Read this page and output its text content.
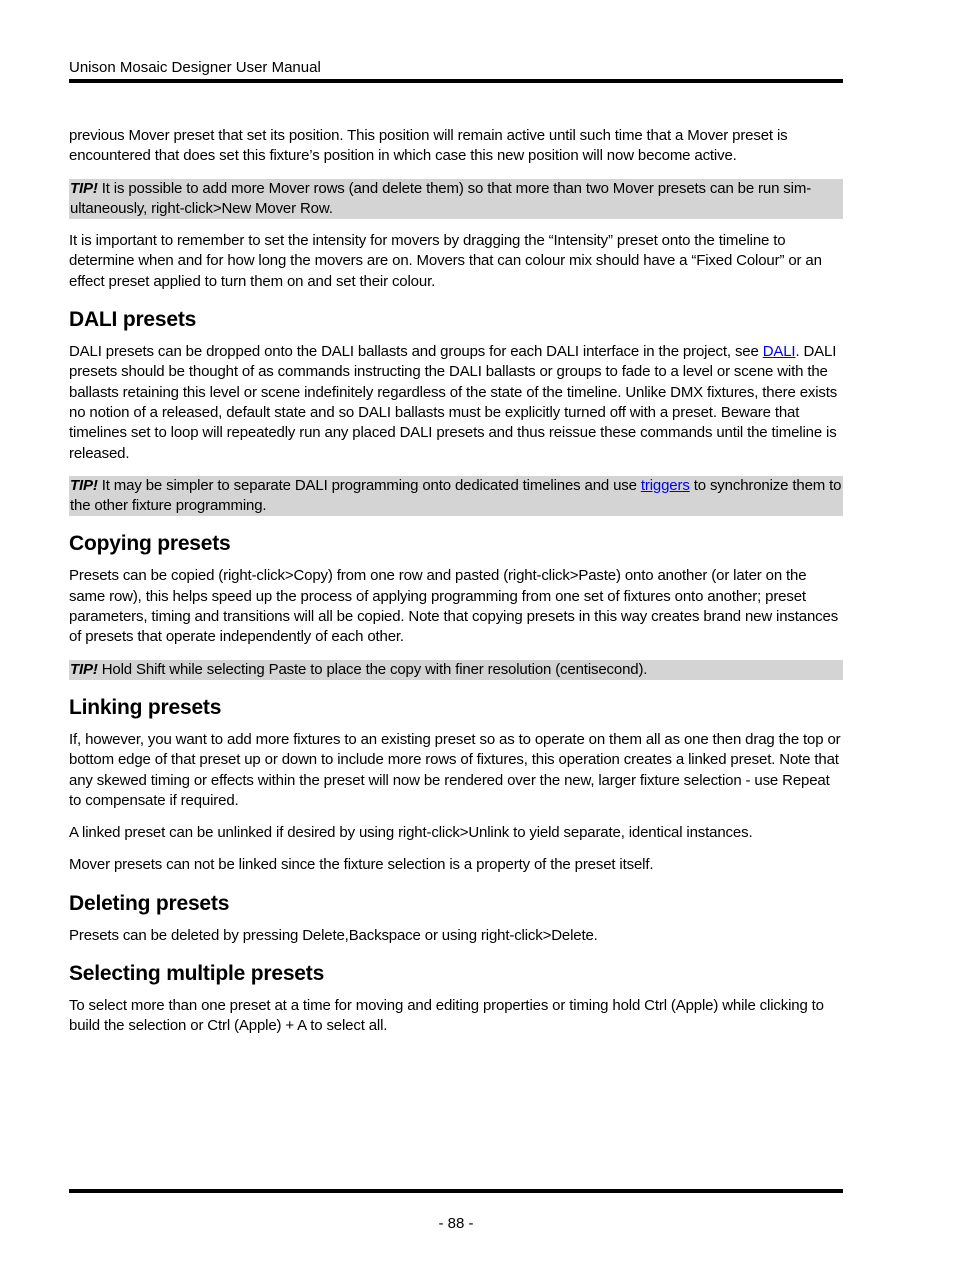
Unison Mosaic Designer User Manual

previous Mover preset that set its position. This position will remain active until such time that a Mover preset is encountered that does set this fixture’s position in which case this new position will now become active.

TIP! It is possible to add more Mover rows (and delete them) so that more than two Mover presets can be run simultaneously, right-click>New Mover Row.

It is important to remember to set the intensity for movers by dragging the “Intensity” preset onto the timeline to determine when and for how long the movers are on. Movers that can colour mix should have a “Fixed Colour” or an effect preset applied to turn them on and set their colour.

DALI presets

DALI presets can be dropped onto the DALI ballasts and groups for each DALI interface in the project, see DALI. DALI presets should be thought of as commands instructing the DALI ballasts or groups to fade to a level or scene with the ballasts retaining this level or scene indefinitely regardless of the state of the timeline. Unlike DMX fixtures, there exists no notion of a released, default state and so DALI ballasts must be explicitly turned off with a preset. Beware that timelines set to loop will repeatedly run any placed DALI presets and thus reissue these commands until the timeline is released.

TIP! It may be simpler to separate DALI programming onto dedicated timelines and use triggers to synchronize them to the other fixture programming.

Copying presets

Presets can be copied (right-click>Copy) from one row and pasted (right-click>Paste) onto another (or later on the same row), this helps speed up the process of applying programming from one set of fixtures onto another; preset parameters, timing and transitions will all be copied. Note that copying presets in this way creates brand new instances of presets that operate independently of each other.

TIP! Hold Shift while selecting Paste to place the copy with finer resolution (centisecond).

Linking presets

If, however, you want to add more fixtures to an existing preset so as to operate on them all as one then drag the top or bottom edge of that preset up or down to include more rows of fixtures, this operation creates a linked preset. Note that any skewed timing or effects within the preset will now be rendered over the new, larger fixture selection - use Repeat to compensate if required.

A linked preset can be unlinked if desired by using right-click>Unlink to yield separate, identical instances.

Mover presets can not be linked since the fixture selection is a property of the preset itself.

Deleting presets

Presets can be deleted by pressing Delete,Backspace or using right-click>Delete.

Selecting multiple presets

To select more than one preset at a time for moving and editing properties or timing hold Ctrl (Apple) while clicking to build the selection or Ctrl (Apple) + A to select all.

- 88 -
